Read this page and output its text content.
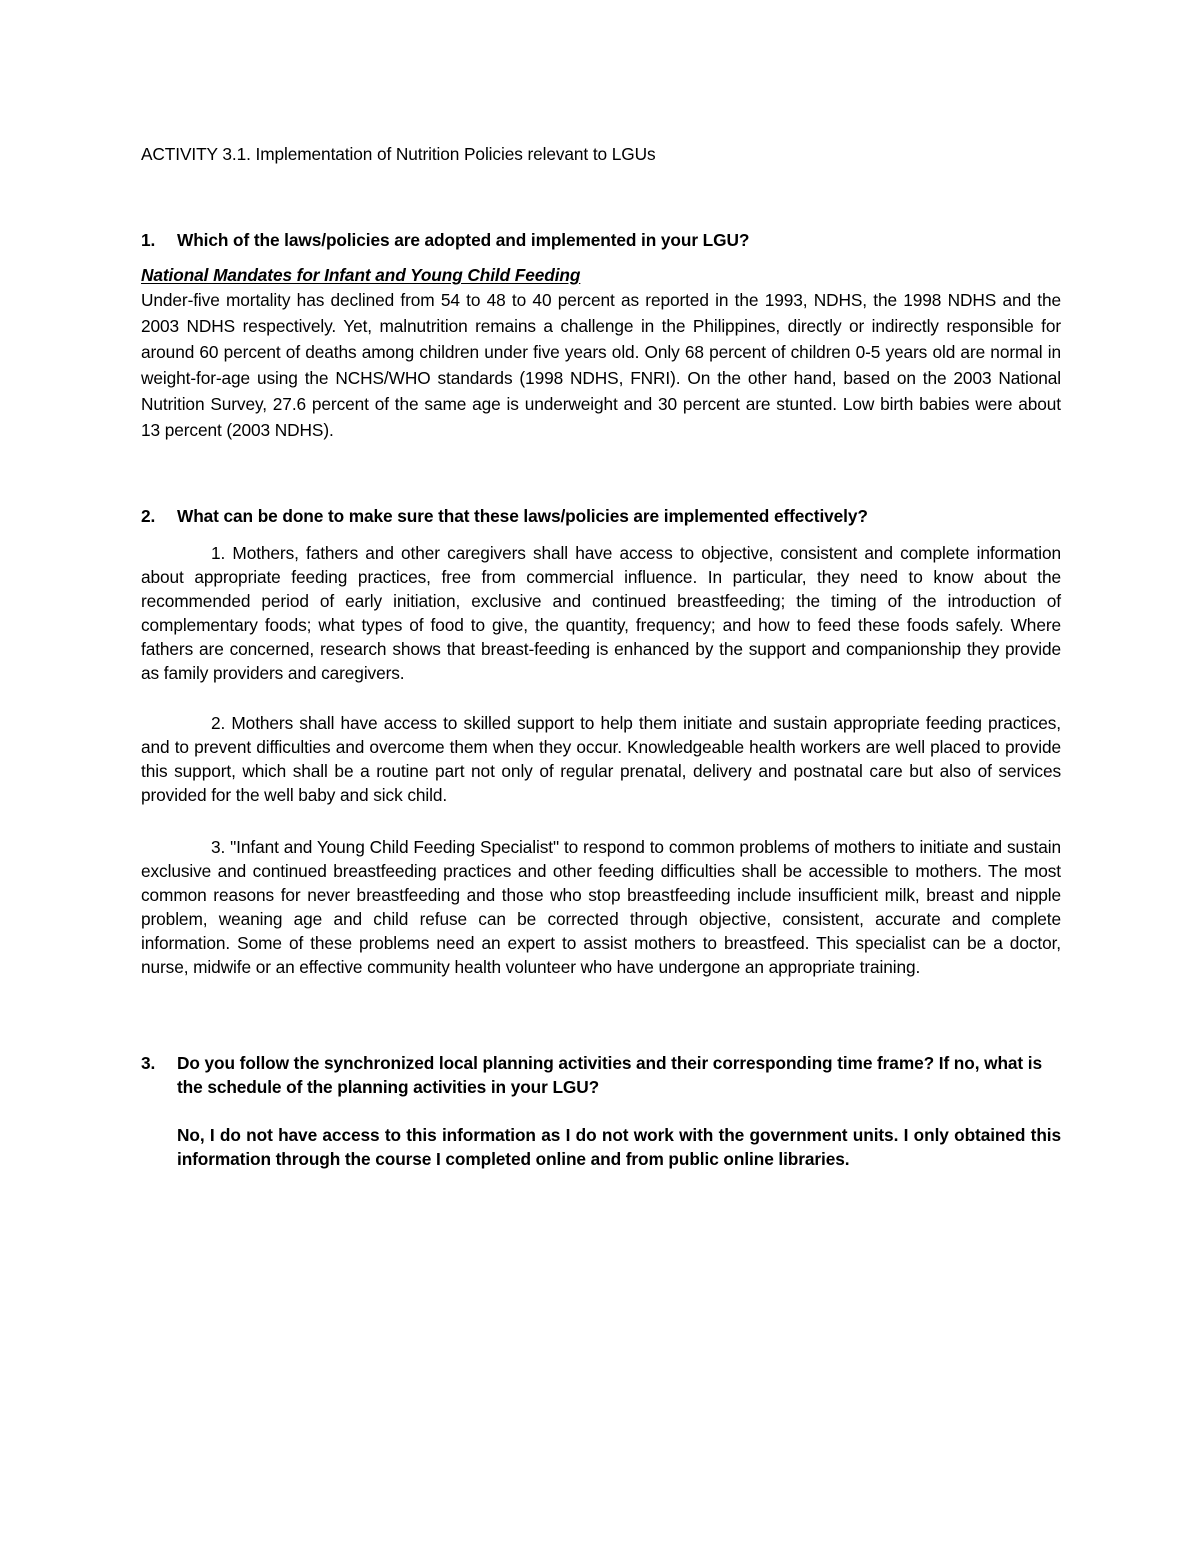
ACTIVITY 3.1. Implementation of Nutrition Policies relevant to LGUs

1.	Which of the laws/policies are adopted and implemented in your LGU?

National Mandates for Infant and Young Child Feeding

Under-five mortality has declined from 54 to 48 to 40 percent as reported in the 1993, NDHS, the 1998 NDHS and the 2003 NDHS respectively. Yet, malnutrition remains a challenge in the Philippines, directly or indirectly responsible for around 60 percent of deaths among children under five years old. Only 68 percent of children 0-5 years old are normal in weight-for-age using the NCHS/WHO standards (1998 NDHS, FNRI). On the other hand, based on the 2003 National Nutrition Survey, 27.6 percent of the same age is underweight and 30 percent are stunted. Low birth babies were about 13 percent (2003 NDHS).

2.	What can be done to make sure that these laws/policies are implemented effectively?

1. Mothers, fathers and other caregivers shall have access to objective, consistent and complete information about appropriate feeding practices, free from commercial influence. In particular, they need to know about the recommended period of early initiation, exclusive and continued breastfeeding; the timing of the introduction of complementary foods; what types of food to give, the quantity, frequency; and how to feed these foods safely. Where fathers are concerned, research shows that breast-feeding is enhanced by the support and companionship they provide as family providers and caregivers.

2. Mothers shall have access to skilled support to help them initiate and sustain appropriate feeding practices, and to prevent difficulties and overcome them when they occur. Knowledgeable health workers are well placed to provide this support, which shall be a routine part not only of regular prenatal, delivery and postnatal care but also of services provided for the well baby and sick child.

3. "Infant and Young Child Feeding Specialist" to respond to common problems of mothers to initiate and sustain exclusive and continued breastfeeding practices and other feeding difficulties shall be accessible to mothers. The most common reasons for never breastfeeding and those who stop breastfeeding include insufficient milk, breast and nipple problem, weaning age and child refuse can be corrected through objective, consistent, accurate and complete information. Some of these problems need an expert to assist mothers to breastfeed. This specialist can be a doctor, nurse, midwife or an effective community health volunteer who have undergone an appropriate training.

3.	Do you follow the synchronized local planning activities and their corresponding time frame? If no, what is the schedule of the planning activities in your LGU?

No, I do not have access to this information as I do not work with the government units. I only obtained this information through the course I completed online and from public online libraries.
